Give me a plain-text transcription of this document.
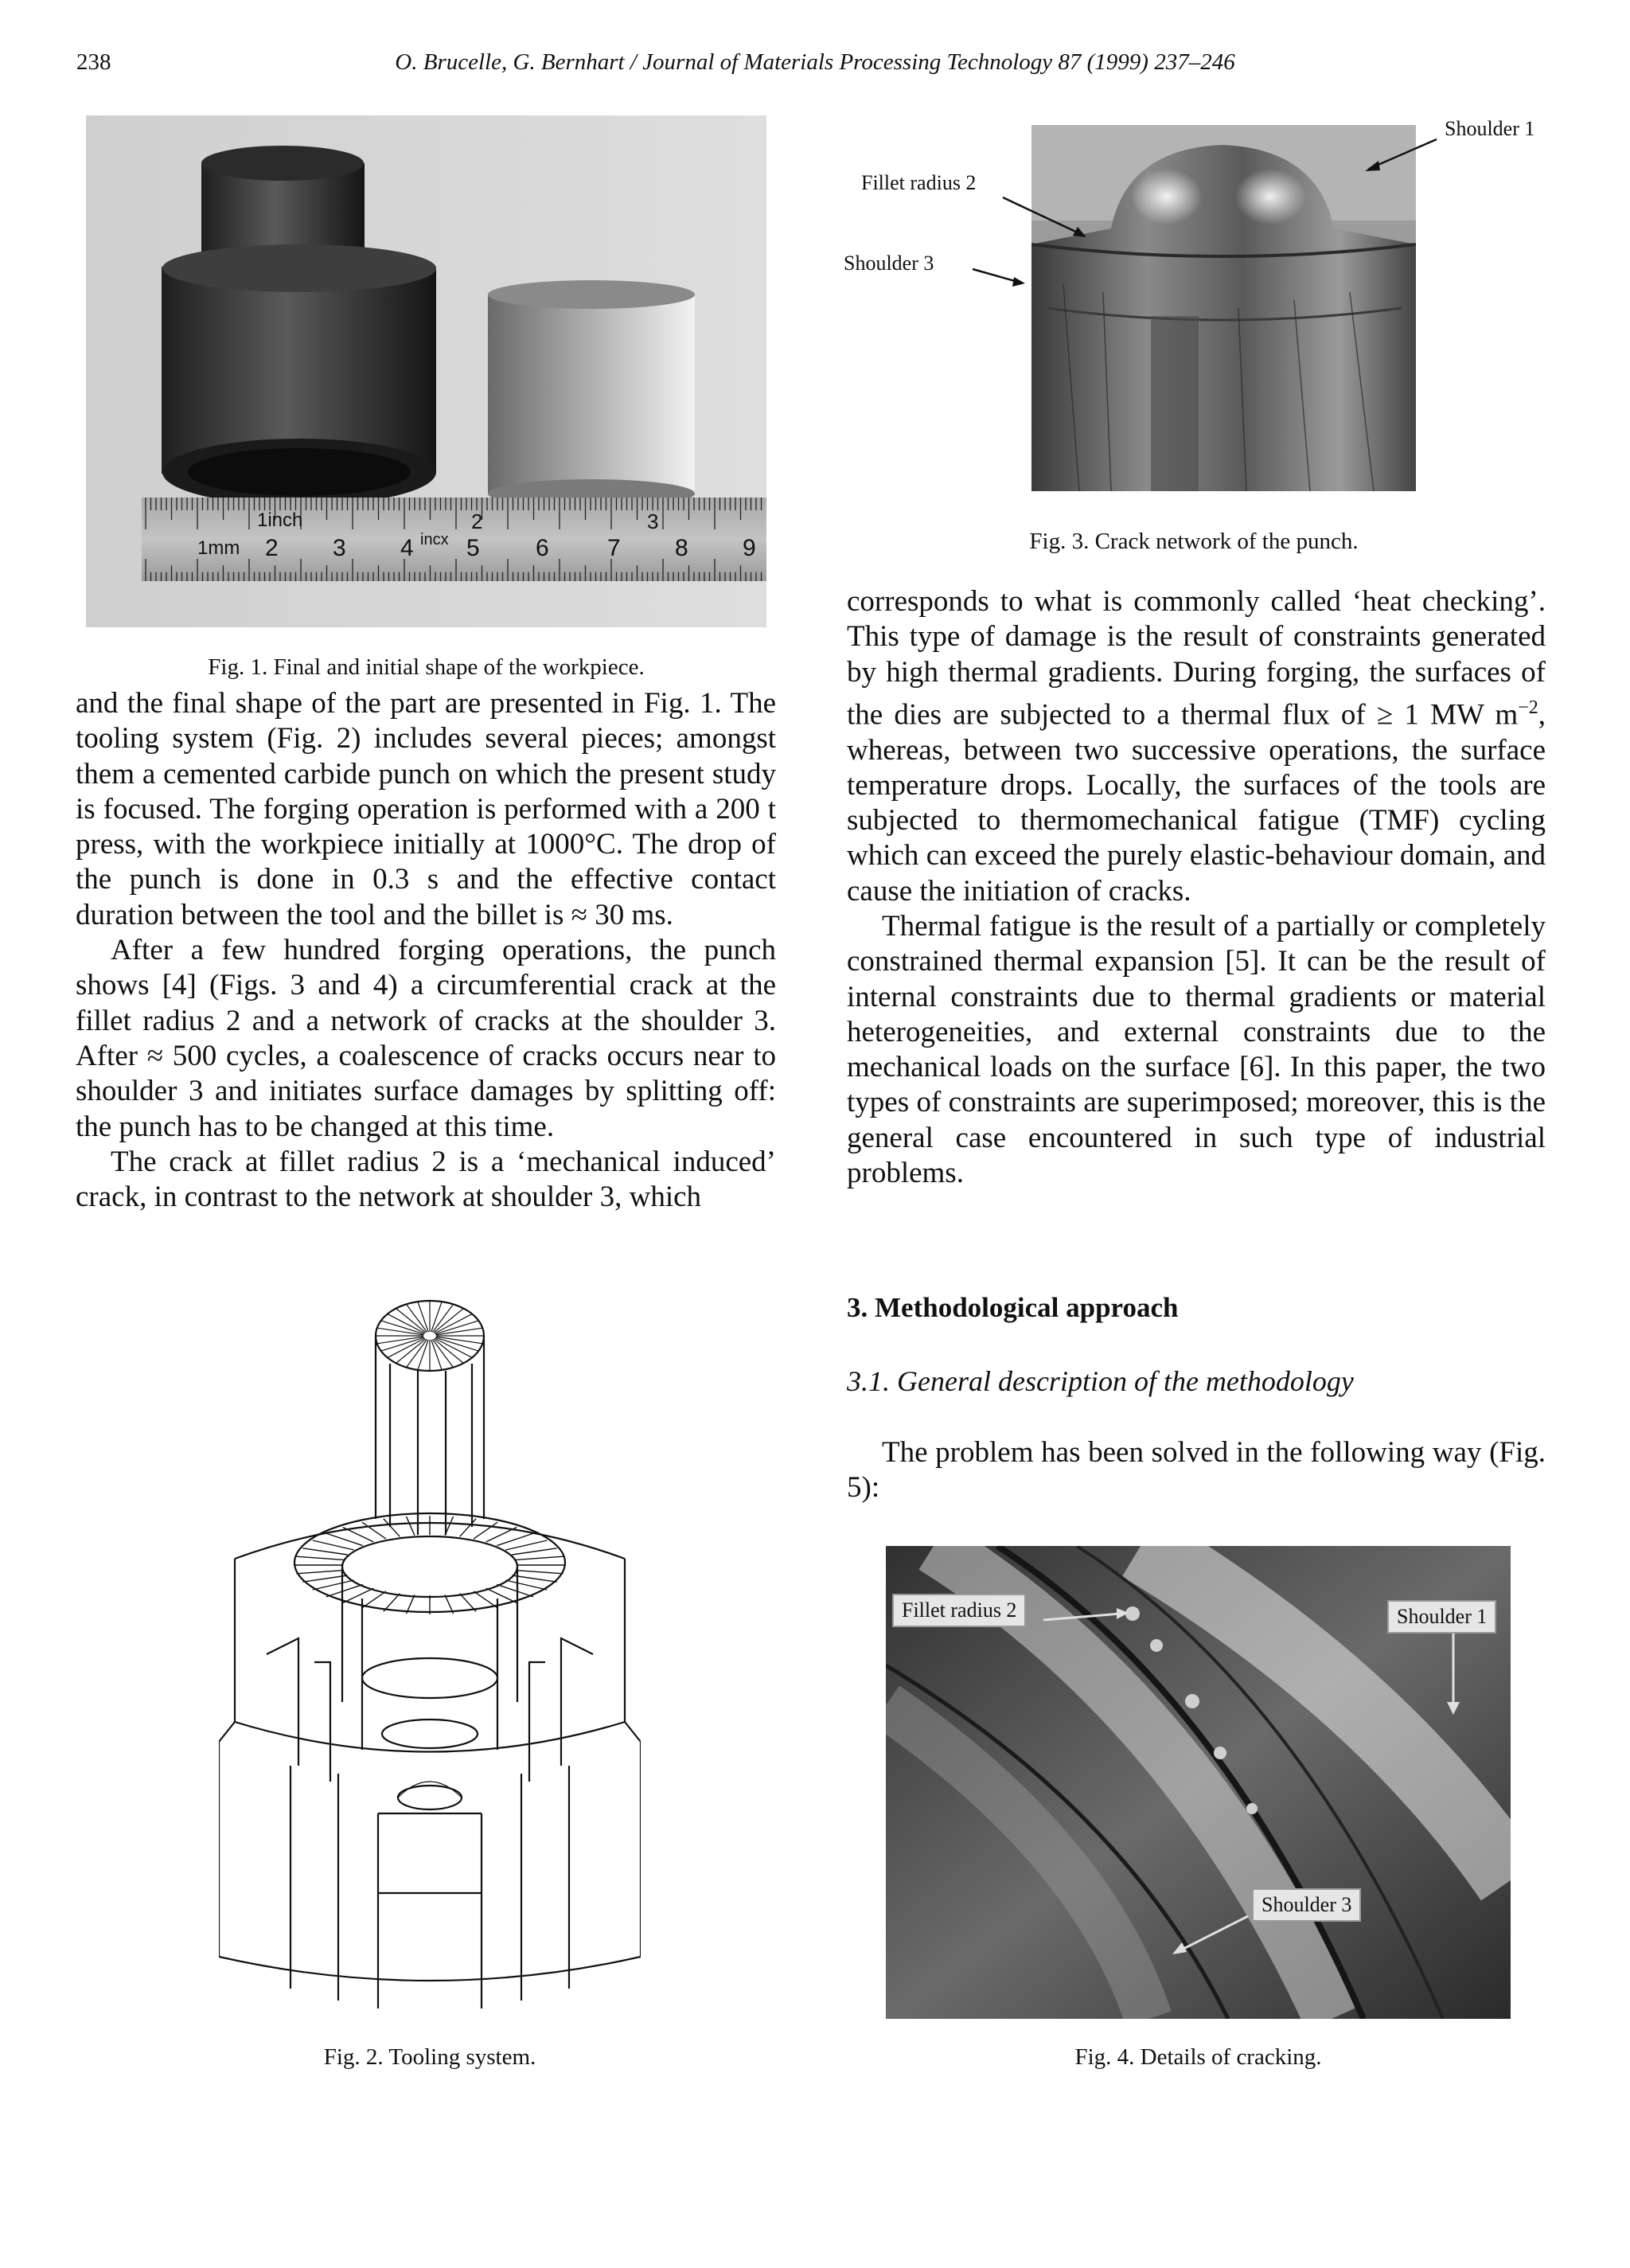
238	O. Brucelle, G. Bernhart / Journal of Materials Processing Technology 87 (1999) 237–246
1inch
1mm 2 3 4 incx 5
2
6 7
3
8 9
Fig. 1. Final and initial shape of the workpiece.
Shoulder 1
Fillet radius 2
Shoulder 3
Fig. 3. Crack network of the punch.

and the final shape of the part are presented in Fig. 1. The tooling system (Fig. 2) includes several pieces; amongst them a cemented carbide punch on which the present study is focused. The forging operation is performed with a 200 t press, with the workpiece initially at 1000°C. The drop of the punch is done in 0.3 s and the effective contact duration between the tool and the billet is ≈ 30 ms.

After a few hundred forging operations, the punch shows [4] (Figs. 3 and 4) a circumferential crack at the fillet radius 2 and a network of cracks at the shoulder 3. After ≈ 500 cycles, a coalescence of cracks occurs near to shoulder 3 and initiates surface damages by splitting off: the punch has to be changed at this time.

The crack at fillet radius 2 is a ‘mechanical induced’ crack, in contrast to the network at shoulder 3, which

corresponds to what is commonly called ‘heat checking’. This type of damage is the result of constraints generated by high thermal gradients. During forging, the surfaces of the dies are subjected to a thermal flux of ≥ 1 MW $m^{-2}$, whereas, between two successive operations, the surface temperature drops. Locally, the surfaces of the tools are subjected to thermomechanical fatigue (TMF) cycling which can exceed the purely elastic-behaviour domain, and cause the initiation of cracks.

Thermal fatigue is the result of a partially or completely constrained thermal expansion [5]. It can be the result of internal constraints due to thermal gradients or material heterogeneities, and external constraints due to the mechanical loads on the surface [6]. In this paper, the two types of constraints are superimposed; moreover, this is the general case encountered in such type of industrial problems.

3. Methodological approach
3.1. General description of the methodology

The problem has been solved in the following way (Fig. 5):

Fig. 2. Tooling system.
Fillet radius 2	Shoulder 1
Shoulder 3
Fig. 4. Details of cracking.
